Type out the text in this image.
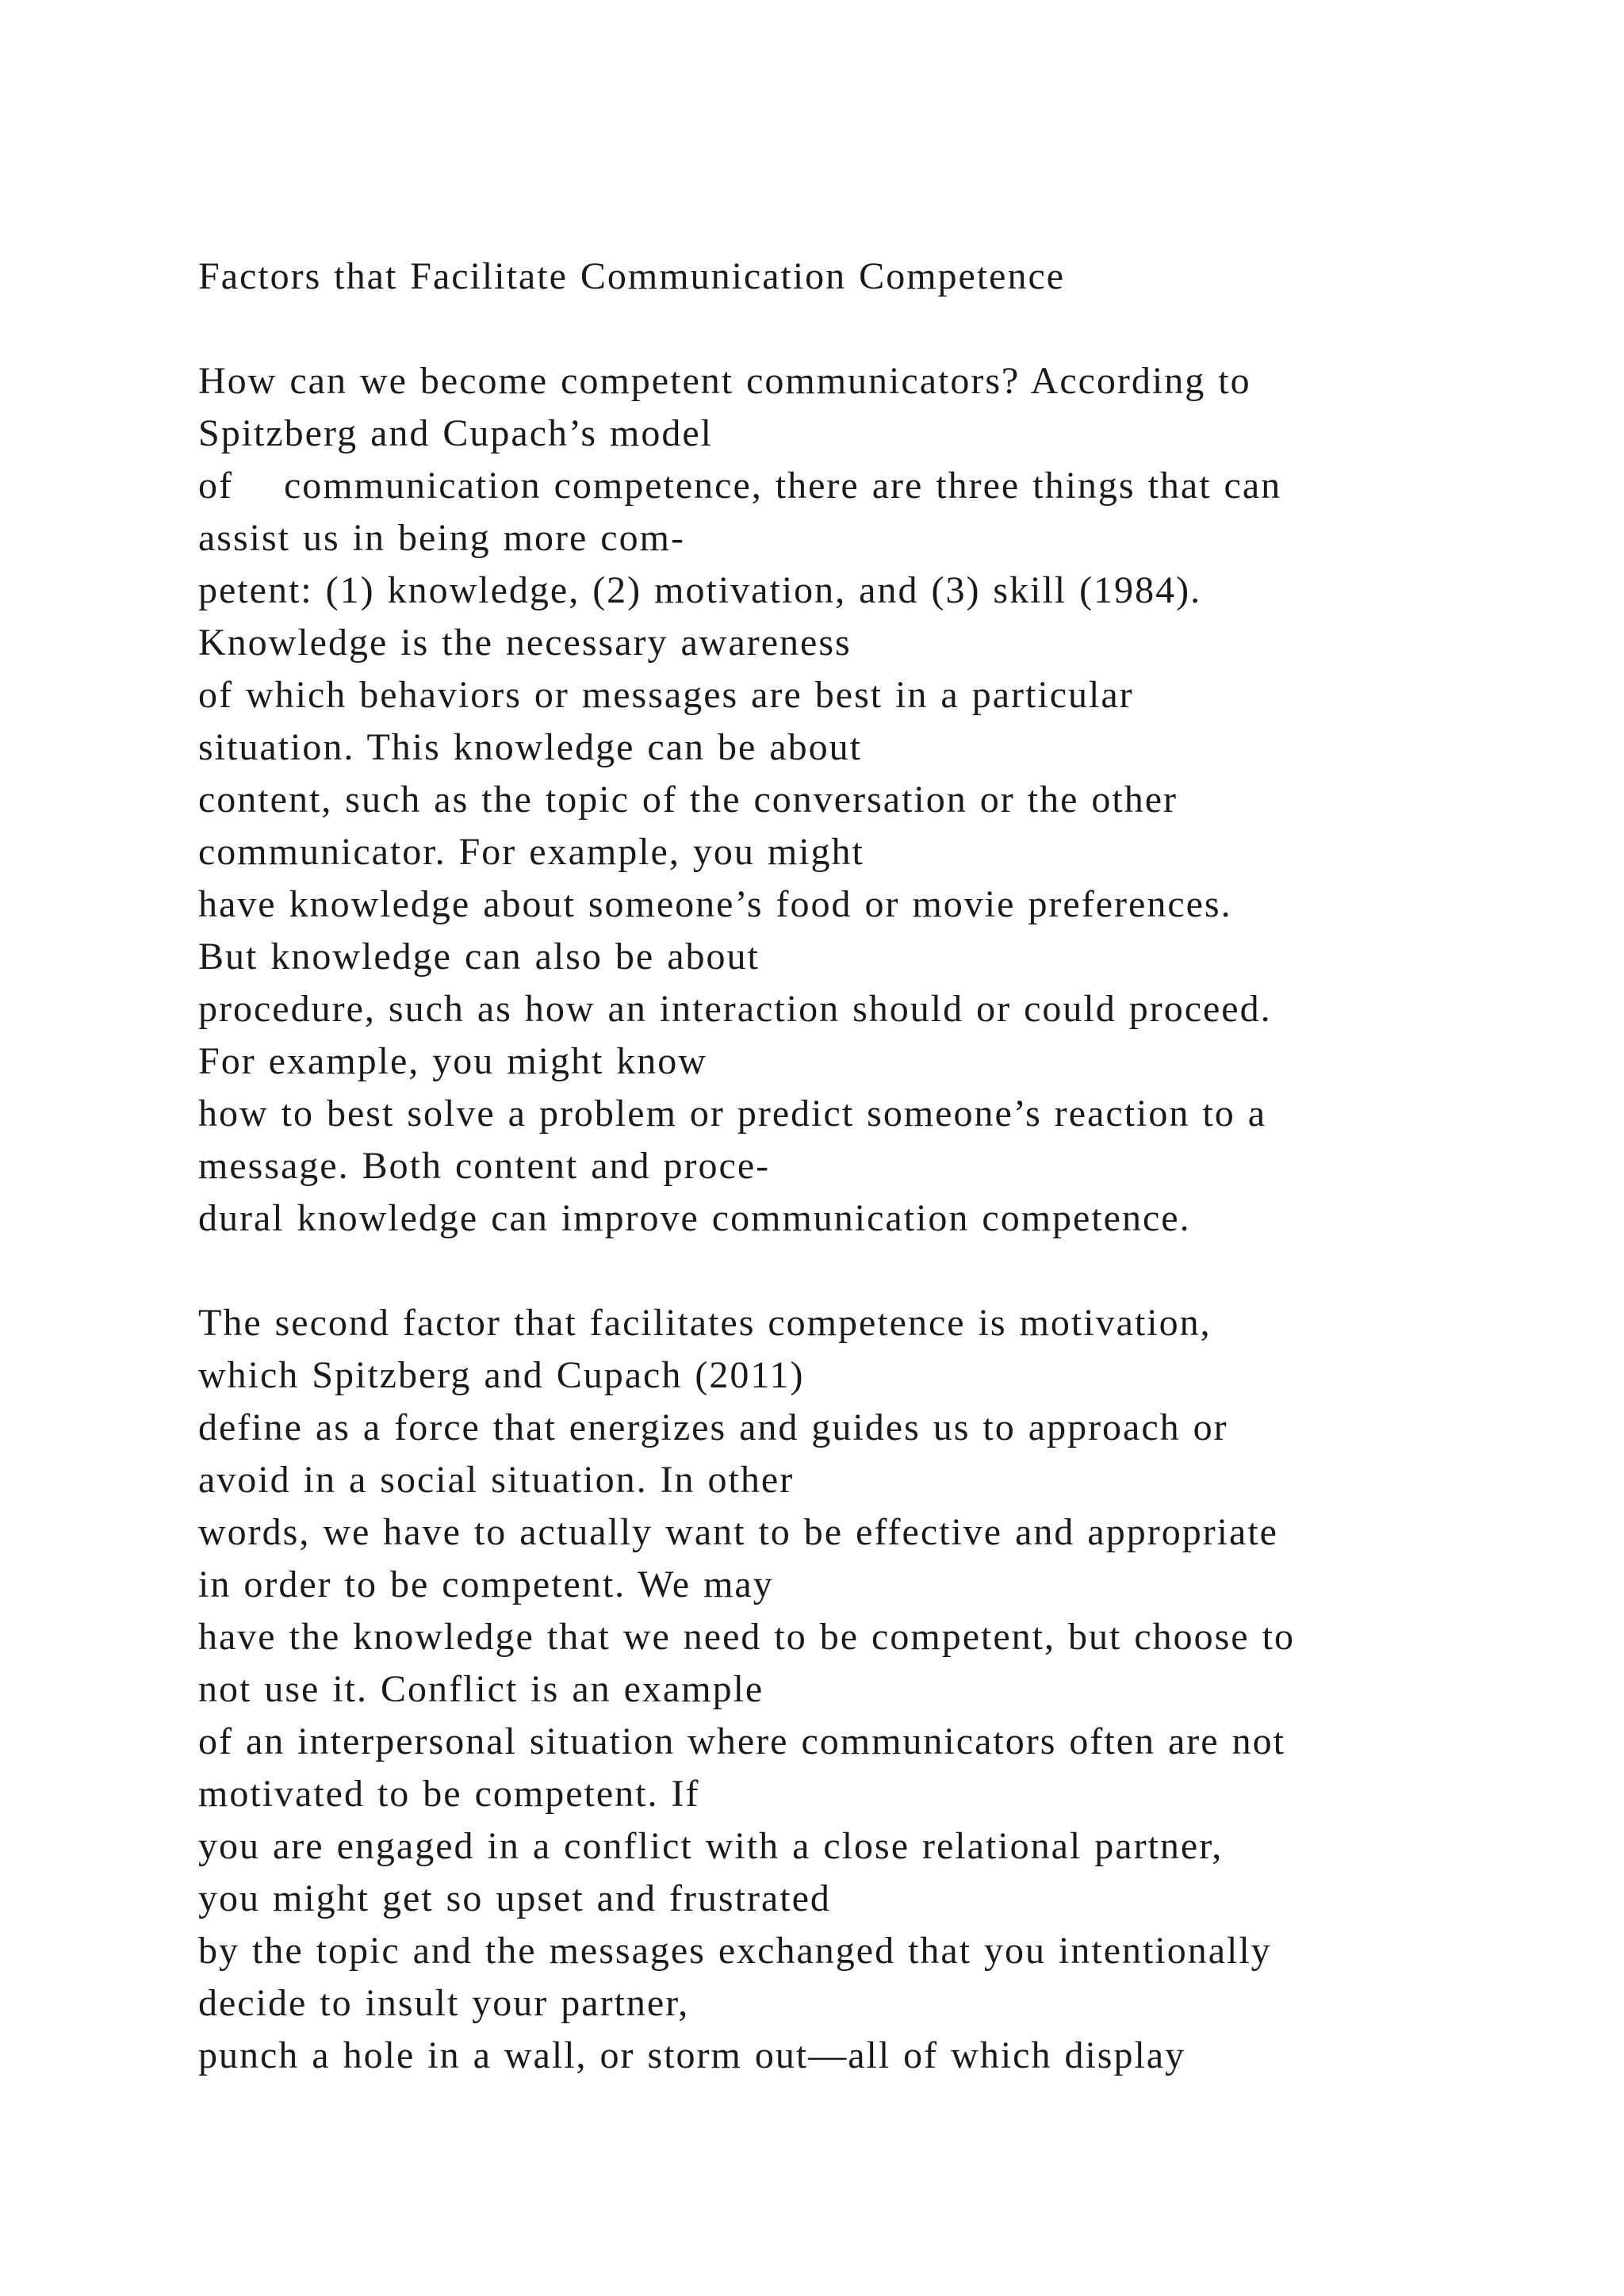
Factors that Facilitate Communication Competence
How can we become competent communicators? According to
Spitzberg and Cupach’s model
of    communication competence, there are three things that can
assist us in being more com-
petent: (1) knowledge, (2) motivation, and (3) skill (1984).
Knowledge is the necessary awareness
of which behaviors or messages are best in a particular
situation. This knowledge can be about
content, such as the topic of the conversation or the other
communicator. For example, you might
have knowledge about someone’s food or movie preferences.
But knowledge can also be about
procedure, such as how an interaction should or could proceed.
For example, you might know
how to best solve a problem or predict someone’s reaction to a
message. Both content and proce-
dural knowledge can improve communication competence.
The second factor that facilitates competence is motivation,
which Spitzberg and Cupach (2011)
define as a force that energizes and guides us to approach or
avoid in a social situation. In other
words, we have to actually want to be effective and appropriate
in order to be competent. We may
have the knowledge that we need to be competent, but choose to
not use it. Conflict is an example
of an interpersonal situation where communicators often are not
motivated to be competent. If
you are engaged in a conflict with a close relational partner,
you might get so upset and frustrated
by the topic and the messages exchanged that you intentionally
decide to insult your partner,
punch a hole in a wall, or storm out—all of which display
